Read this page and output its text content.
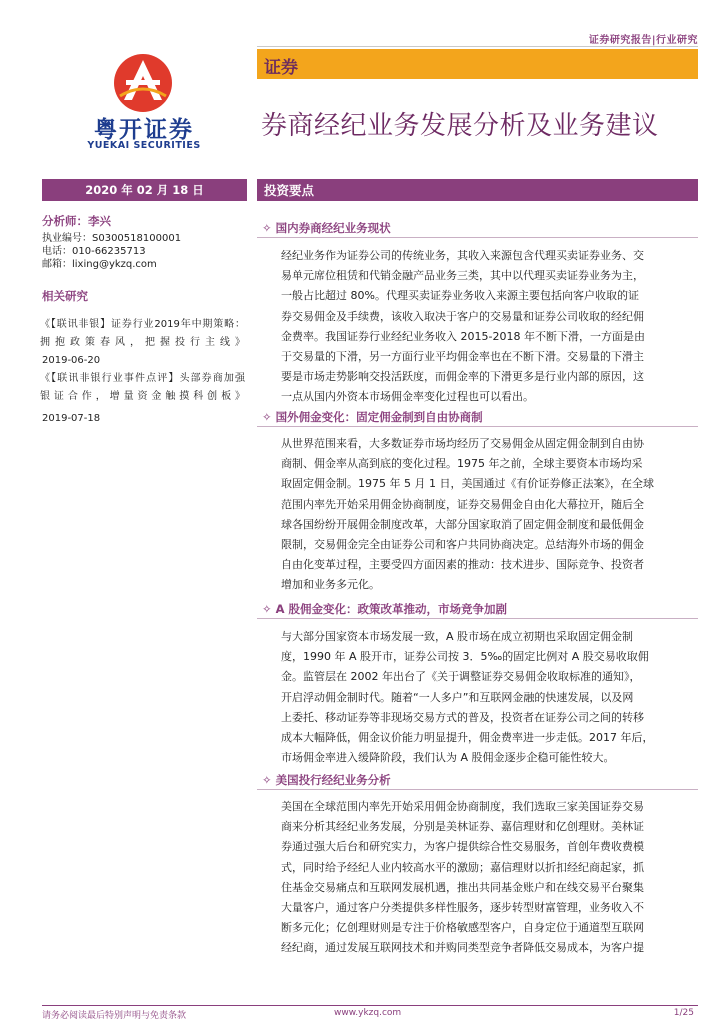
证券研究报告|行业研究
证券
券商经纪业务发展分析及业务建议
粤开证券
YUEKAI SECURITIES
2020 年 02 月 18 日
分析师：李兴
执业编号：S0300518100001
电话：010-66235713
邮箱：lixing@ykzq.com
相关研究
《【联讯非银】证券行业2019年中期策略：
拥抱政策春风，把握投行主线》
2019-06-20
《【联讯非银行业事件点评】头部券商加强
银证合作，增量资金触摸科创板》
2019-07-18
投资要点
✧ 国内券商经纪业务现状
经纪业务作为证券公司的传统业务，其收入来源包含代理买卖证券业务、交
易单元席位租赁和代销金融产品业务三类，其中以代理买卖证券业务为主，
一般占比超过 80%。代理买卖证券业务收入来源主要包括向客户收取的证
券交易佣金及手续费，该收入取决于客户的交易量和证券公司收取的经纪佣
金费率。我国证券行业经纪业务收入 2015-2018 年不断下滑，一方面是由
于交易量的下滑，另一方面行业平均佣金率也在不断下滑。交易量的下滑主
要是市场走势影响交投活跃度，而佣金率的下滑更多是行业内部的原因，这
一点从国内外资本市场佣金率变化过程也可以看出。
✧ 国外佣金变化：固定佣金制到自由协商制
从世界范围来看，大多数证券市场均经历了交易佣金从固定佣金制到自由协
商制、佣金率从高到底的变化过程。1975 年之前，全球主要资本市场均采
取固定佣金制。1975 年 5 月 1 日，美国通过《有价证券修正法案》，在全球
范围内率先开始采用佣金协商制度，证券交易佣金自由化大幕拉开，随后全
球各国纷纷开展佣金制度改革，大部分国家取消了固定佣金制度和最低佣金
限制，交易佣金完全由证券公司和客户共同协商决定。总结海外市场的佣金
自由化变革过程，主要受四方面因素的推动：技术进步、国际竞争、投资者
增加和业务多元化。
✧ A 股佣金变化：政策改革推动，市场竞争加剧
与大部分国家资本市场发展一致，A 股市场在成立初期也采取固定佣金制
度，1990 年 A 股开市，证券公司按 3．5‰的固定比例对 A 股交易收取佣
金。监管层在 2002 年出台了《关于调整证券交易佣金收取标准的通知》，
开启浮动佣金制时代。随着“一人多户”和互联网金融的快速发展，以及网
上委托、移动证券等非现场交易方式的普及，投资者在证券公司之间的转移
成本大幅降低，佣金议价能力明显提升，佣金费率进一步走低。2017 年后，
市场佣金率进入缓降阶段，我们认为 A 股佣金逐步企稳可能性较大。
✧ 美国投行经纪业务分析
美国在全球范围内率先开始采用佣金协商制度，我们选取三家美国证券交易
商来分析其经纪业务发展，分别是美林证券、嘉信理财和亿创理财。美林证
券通过强大后台和研究实力，为客户提供综合性交易服务，首创年费收费模
式，同时给予经纪人业内较高水平的激励；嘉信理财以折扣经纪商起家，抓
住基金交易痛点和互联网发展机遇，推出共同基金账户和在线交易平台聚集
大量客户，通过客户分类提供多样性服务，逐步转型财富管理，业务收入不
断多元化；亿创理财则是专注于价格敏感型客户，自身定位于通道型互联网
经纪商，通过发展互联网技术和并购同类型竞争者降低交易成本，为客户提
请务必阅读最后特别声明与免责条款	www.ykzq.com	1/25
